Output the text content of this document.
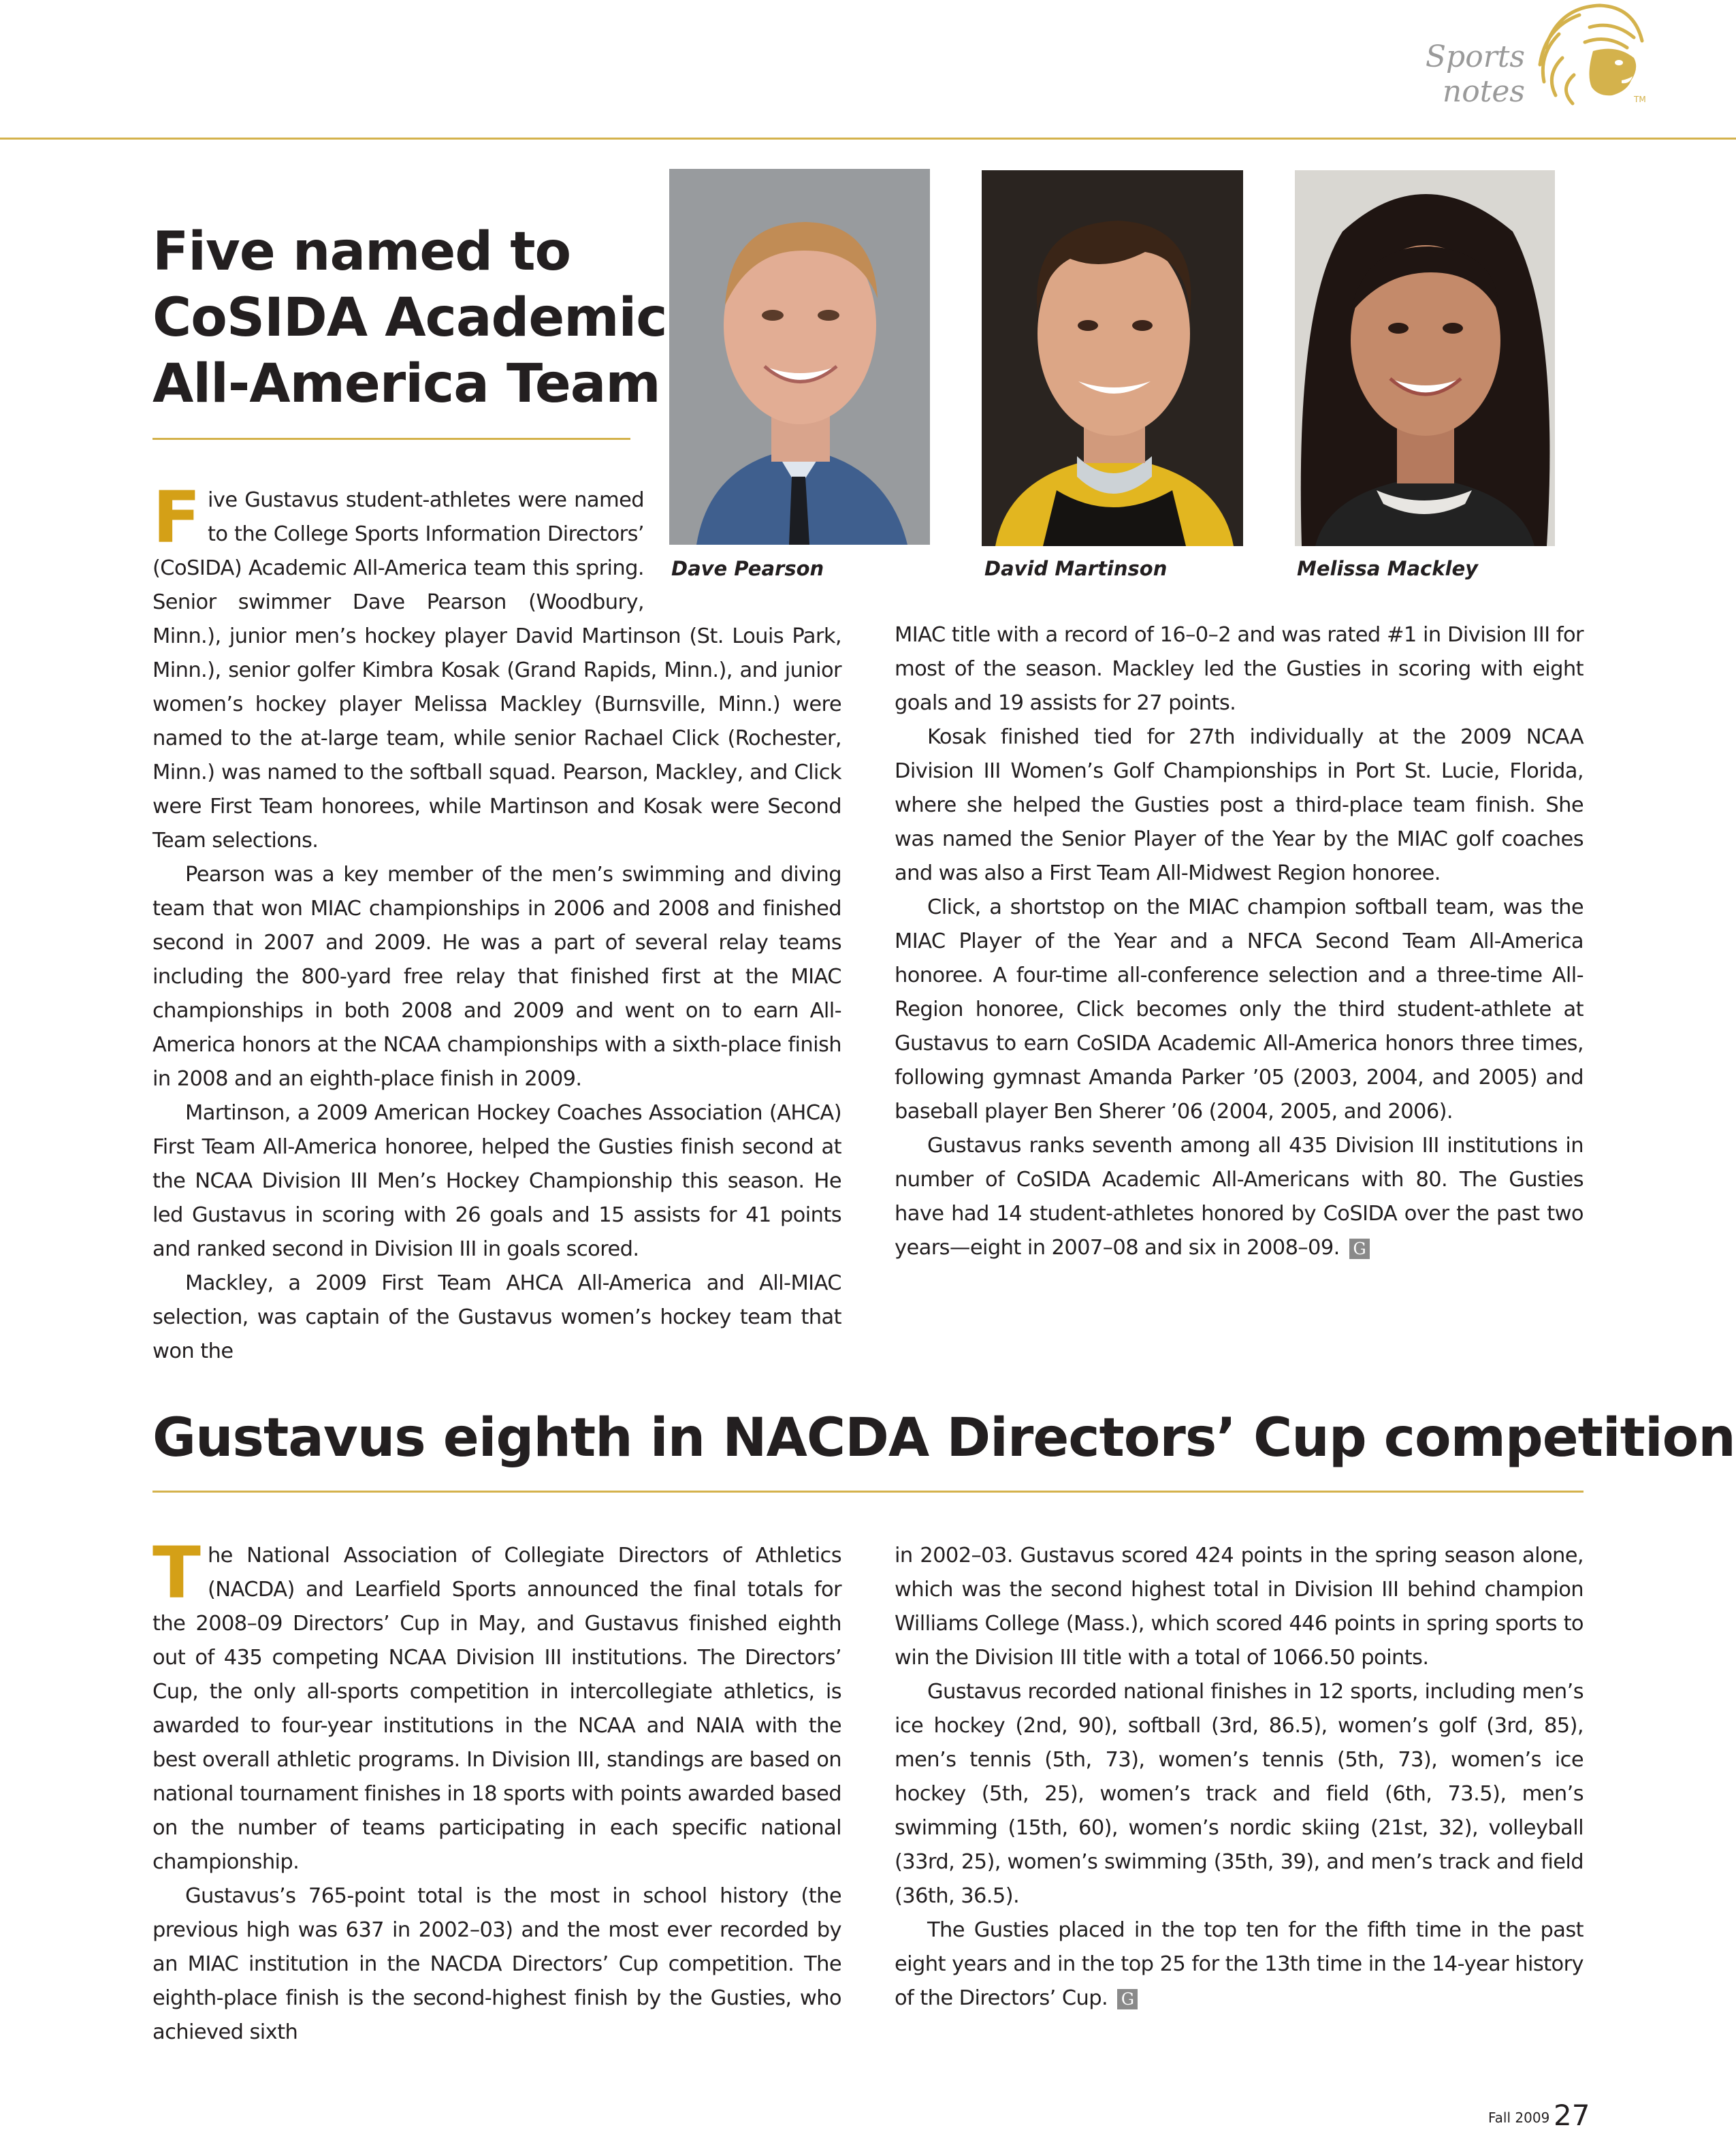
Sports notes	TM
Five named to CoSIDA Academic All-America Team
Dave Pearson	David Martinson	Melissa Mackley

Five Gustavus student-athletes were named to the College Sports Information Directors’ (CoSIDA) Academic All-America team this spring. Senior swimmer Dave Pearson (Woodbury, Minn.), junior men’s hockey player David Martinson (St. Louis Park, Minn.), senior golfer Kimbra Kosak (Grand Rapids, Minn.), and junior women’s hockey player Melissa Mackley (Burnsville, Minn.) were named to the at-large team, while senior Rachael Click (Rochester, Minn.) was named to the softball squad. Pearson, Mackley, and Click were First Team honorees, while Martinson and Kosak were Second Team selections.

Pearson was a key member of the men’s swimming and diving team that won MIAC championships in 2006 and 2008 and finished second in 2007 and 2009. He was a part of several relay teams including the 800-yard free relay that finished first at the MIAC championships in both 2008 and 2009 and went on to earn All-America honors at the NCAA championships with a sixth-place finish in 2008 and an eighth-place finish in 2009.

Martinson, a 2009 American Hockey Coaches Association (AHCA) First Team All-America honoree, helped the Gusties finish second at the NCAA Division III Men’s Hockey Championship this season. He led Gustavus in scoring with 26 goals and 15 assists for 41 points and ranked second in Division III in goals scored.

Mackley, a 2009 First Team AHCA All-America and All-MIAC selection, was captain of the Gustavus women’s hockey team that won the

MIAC title with a record of 16–0–2 and was rated #1 in Division III for most of the season. Mackley led the Gusties in scoring with eight goals and 19 assists for 27 points.

Kosak finished tied for 27th individually at the 2009 NCAA Division III Women’s Golf Championships in Port St. Lucie, Florida, where she helped the Gusties post a third-place team finish. She was named the Senior Player of the Year by the MIAC golf coaches and was also a First Team All-Midwest Region honoree.

Click, a shortstop on the MIAC champion softball team, was the MIAC Player of the Year and a NFCA Second Team All-America honoree. A four-time all-conference selection and a three-time All-Region honoree, Click becomes only the third student-athlete at Gustavus to earn CoSIDA Academic All-America honors three times, following gymnast Amanda Parker ’05 (2003, 2004, and 2005) and baseball player Ben Sherer ’06 (2004, 2005, and 2006).

Gustavus ranks seventh among all 435 Division III institutions in number of CoSIDA Academic All-Americans with 80. The Gusties have had 14 student-athletes honored by CoSIDA over the past two years—eight in 2007–08 and six in 2008–09. G

Gustavus eighth in NACDA Directors’ Cup competition

The National Association of Collegiate Directors of Athletics (NACDA) and Learfield Sports announced the final totals for the 2008–09 Directors’ Cup in May, and Gustavus finished eighth out of 435 competing NCAA Division III institutions. The Directors’ Cup, the only all-sports competition in intercollegiate athletics, is awarded to four-year institutions in the NCAA and NAIA with the best overall athletic programs. In Division III, standings are based on national tournament finishes in 18 sports with points awarded based on the number of teams participating in each specific national championship.

Gustavus’s 765-point total is the most in school history (the previous high was 637 in 2002–03) and the most ever recorded by an MIAC institution in the NACDA Directors’ Cup competition. The eighth-place finish is the second-highest finish by the Gusties, who achieved sixth

in 2002–03. Gustavus scored 424 points in the spring season alone, which was the second highest total in Division III behind champion Williams College (Mass.), which scored 446 points in spring sports to win the Division III title with a total of 1066.50 points.

Gustavus recorded national finishes in 12 sports, including men’s ice hockey (2nd, 90), softball (3rd, 86.5), women’s golf (3rd, 85), men’s tennis (5th, 73), women’s tennis (5th, 73), women’s ice hockey (5th, 25), women’s track and field (6th, 73.5), men’s swimming (15th, 60), women’s nordic skiing (21st, 32), volleyball (33rd, 25), women’s swimming (35th, 39), and men’s track and field (36th, 36.5).

The Gusties placed in the top ten for the fifth time in the past eight years and in the top 25 for the 13th time in the 14-year history of the Directors’ Cup. G

Fall 2009 27
